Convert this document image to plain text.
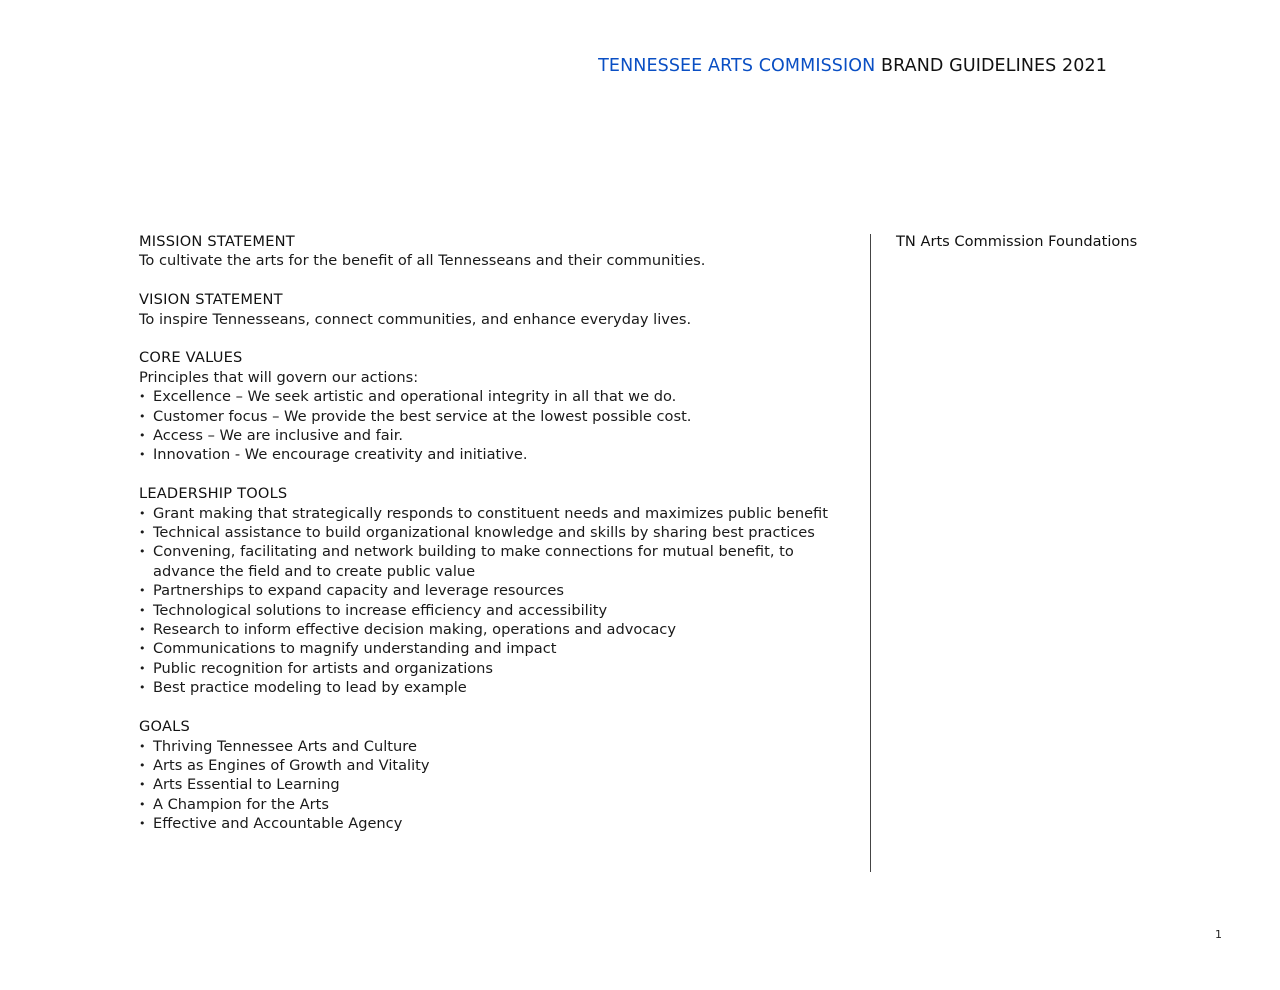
TENNESSEE ARTS COMMISSION BRAND GUIDELINES 2021
MISSION STATEMENT

To cultivate the arts for the benefit of all Tennesseans and their communities.

VISION STATEMENT

To inspire Tennesseans, connect communities, and enhance everyday lives.

CORE VALUES

Principles that will govern our actions:

• Excellence – We seek artistic and operational integrity in all that we do.
• Customer focus – We provide the best service at the lowest possible cost.
• Access – We are inclusive and fair.
• Innovation - We encourage creativity and initiative.
LEADERSHIP TOOLS
• Grant making that strategically responds to constituent needs and maximizes public benefit
• Technical assistance to build organizational knowledge and skills by sharing best practices
• Convening, facilitating and network building to make connections for mutual benefit, to advance the field and to create public value
• Partnerships to expand capacity and leverage resources
• Technological solutions to increase efficiency and accessibility
• Research to inform effective decision making, operations and advocacy
• Communications to magnify understanding and impact
• Public recognition for artists and organizations
• Best practice modeling to lead by example
GOALS
• Thriving Tennessee Arts and Culture
• Arts as Engines of Growth and Vitality
• Arts Essential to Learning
• A Champion for the Arts
• Effective and Accountable Agency
TN Arts Commission Foundations
1
